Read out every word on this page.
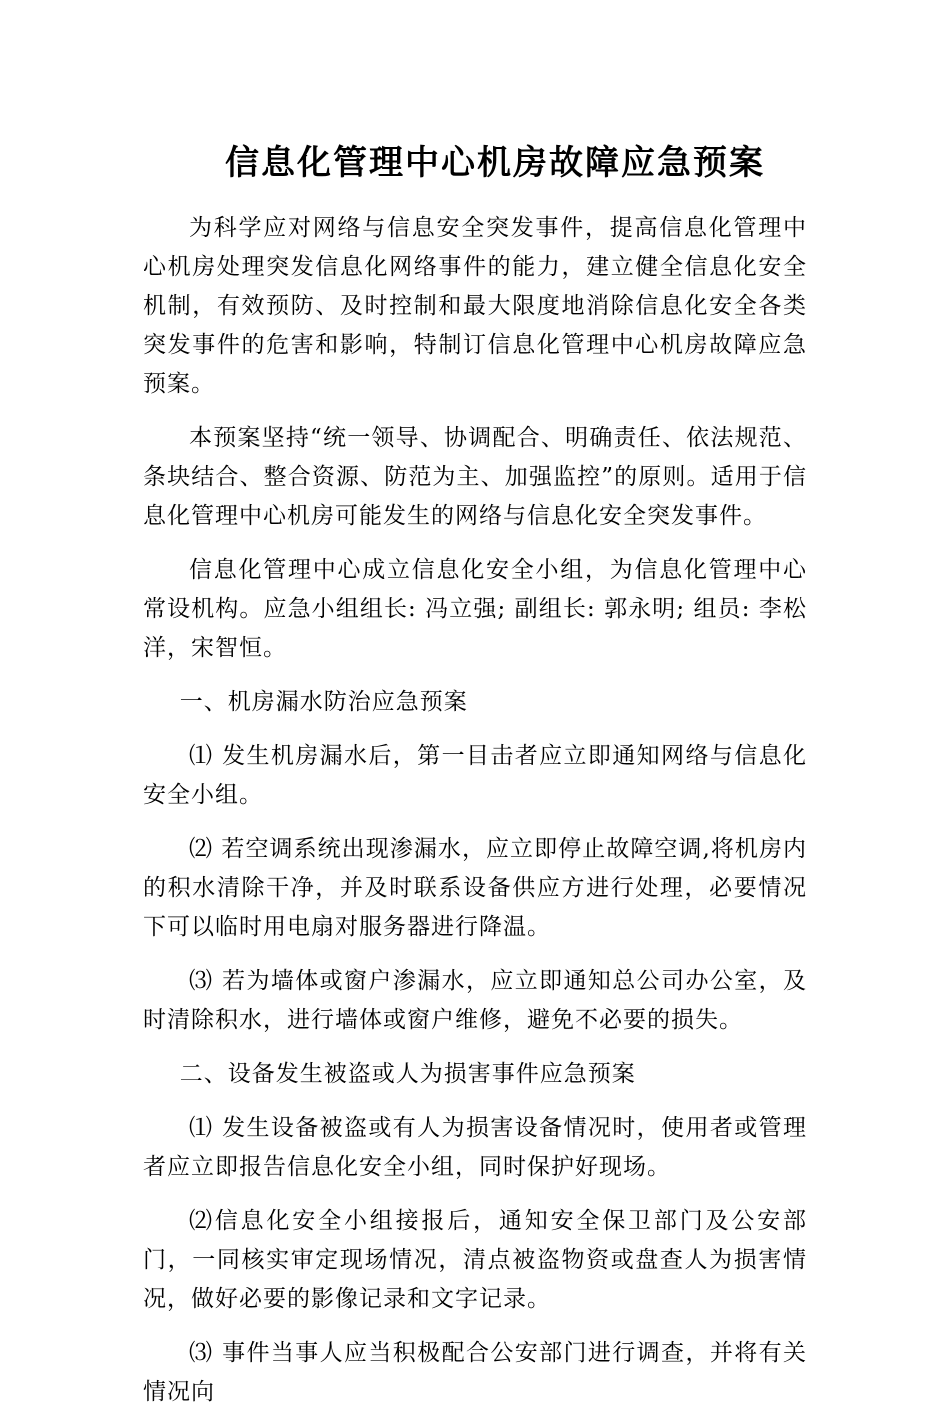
信息化管理中心机房故障应急预案

为科学应对网络与信息安全突发事件，提高信息化管理中心机房处理突发信息化网络事件的能力，建立健全信息化安全机制，有效预防、及时控制和最大限度地消除信息化安全各类突发事件的危害和影响，特制订信息化管理中心机房故障应急预案。

本预案坚持“统一领导、协调配合、明确责任、依法规范、条块结合、整合资源、防范为主、加强监控”的原则。适用于信息化管理中心机房可能发生的网络与信息化安全突发事件。

信息化管理中心成立信息化安全小组，为信息化管理中心常设机构。应急小组组长: 冯立强; 副组长: 郭永明; 组员: 李松洋，宋智恒。

一、机房漏水防治应急预案

⑴ 发生机房漏水后，第一目击者应立即通知网络与信息化安全小组。

⑵ 若空调系统出现渗漏水，应立即停止故障空调,将机房内的积水清除干净，并及时联系设备供应方进行处理，必要情况下可以临时用电扇对服务器进行降温。

⑶ 若为墙体或窗户渗漏水，应立即通知总公司办公室，及时清除积水，进行墙体或窗户维修，避免不必要的损失。

二、设备发生被盗或人为损害事件应急预案

⑴ 发生设备被盗或有人为损害设备情况时，使用者或管理者应立即报告信息化安全小组，同时保护好现场。

⑵信息化安全小组接报后，通知安全保卫部门及公安部门，一同核实审定现场情况，清点被盗物资或盘查人为损害情况，做好必要的影像记录和文字记录。

⑶ 事件当事人应当积极配合公安部门进行调查，并将有关情况向
